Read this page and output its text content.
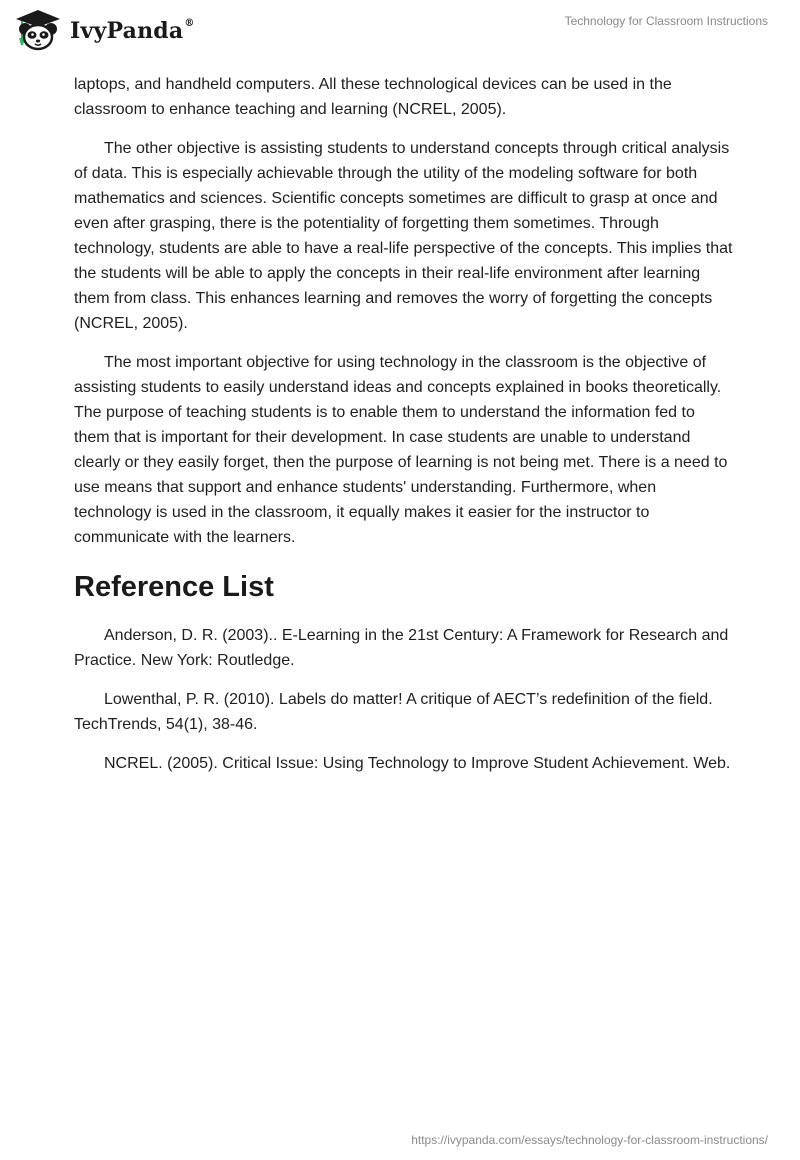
IvyPanda®	Technology for Classroom Instructions

laptops, and handheld computers. All these technological devices can be used in the classroom to enhance teaching and learning (NCREL, 2005).

The other objective is assisting students to understand concepts through critical analysis of data. This is especially achievable through the utility of the modeling software for both mathematics and sciences. Scientific concepts sometimes are difficult to grasp at once and even after grasping, there is the potentiality of forgetting them sometimes. Through technology, students are able to have a real-life perspective of the concepts. This implies that the students will be able to apply the concepts in their real-life environment after learning them from class. This enhances learning and removes the worry of forgetting the concepts (NCREL, 2005).

The most important objective for using technology in the classroom is the objective of assisting students to easily understand ideas and concepts explained in books theoretically. The purpose of teaching students is to enable them to understand the information fed to them that is important for their development. In case students are unable to understand clearly or they easily forget, then the purpose of learning is not being met. There is a need to use means that support and enhance students' understanding. Furthermore, when technology is used in the classroom, it equally makes it easier for the instructor to communicate with the learners.

Reference List

Anderson, D. R. (2003).. E-Learning in the 21st Century: A Framework for Research and Practice. New York: Routledge.

Lowenthal, P. R. (2010). Labels do matter! A critique of AECT’s redefinition of the field. TechTrends, 54(1), 38-46.

NCREL. (2005). Critical Issue: Using Technology to Improve Student Achievement. Web.

https://ivypanda.com/essays/technology-for-classroom-instructions/
